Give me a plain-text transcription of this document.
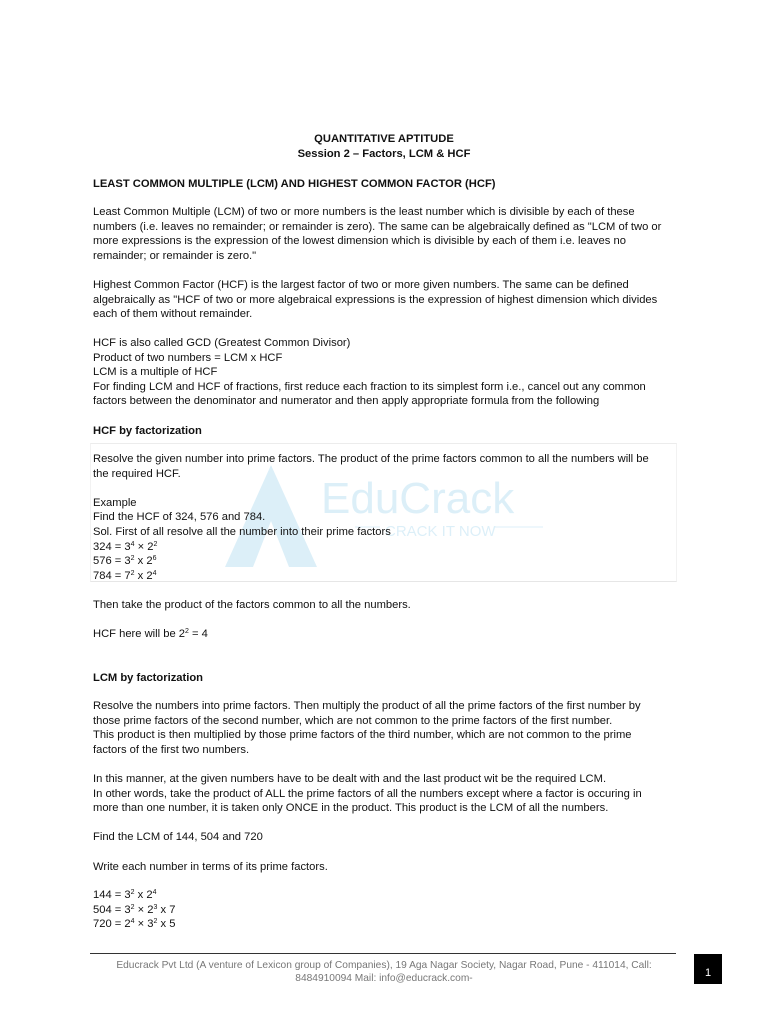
QUANTITATIVE APTITUDE
Session 2 – Factors, LCM & HCF
LEAST COMMON MULTIPLE (LCM) AND HIGHEST COMMON FACTOR (HCF)
Least Common Multiple (LCM) of two or more numbers is the least number which is divisible by each of these
numbers (i.e. leaves no remainder; or remainder is zero). The same can be algebraically defined as "LCM of two or
more expressions is the expression of the lowest dimension which is divisible by each of them i.e. leaves no
remainder; or remainder is zero."
Highest Common Factor (HCF) is the largest factor of two or more given numbers. The same can be defined
algebraically as "HCF of two or more algebraical expressions is the expression of highest dimension which divides
each of them without remainder.
HCF is also called GCD (Greatest Common Divisor)
Product of two numbers = LCM x HCF
LCM is a multiple of HCF
For finding LCM and HCF of fractions, first reduce each fraction to its simplest form i.e., cancel out any common
factors between the denominator and numerator and then apply appropriate formula from the following
HCF by factorization
EduCrack
CRACK IT NOW
Resolve the given number into prime factors. The product of the prime factors common to all the numbers will be
the required HCF.
Example
Find the HCF of 324, 576 and 784.
Sol. First of all resolve all the number into their prime factors
$324 = 3^4 \times 2^2$
$576 = 3^2$ x $2^6$
$784 = 7^2$ x $2^4$
Then take the product of the factors common to all the numbers.
HCF here will be $2^2 = 4$
LCM by factorization
Resolve the numbers into prime factors. Then multiply the product of all the prime factors of the first number by
those prime factors of the second number, which are not common to the prime factors of the first number.
This product is then multiplied by those prime factors of the third number, which are not common to the prime
factors of the first two numbers.
In this manner, at the given numbers have to be dealt with and the last product wit be the required LCM.
In other words, take the product of ALL the prime factors of all the numbers except where a factor is occuring in
more than one number, it is taken only ONCE in the product. This product is the LCM of all the numbers.
Find the LCM of 144, 504 and 720
Write each number in terms of its prime factors.
$144 = 3^2$ x $2^4$
$504 = 3^2 \times 2^3$ x 7
$720 = 2^4 \times 3^2$ x 5
Educrack Pvt Ltd (A venture of Lexicon group of Companies), 19 Aga Nagar Society, Nagar Road, Pune - 411014, Call:
8484910094 Mail: info@educrack.com-	1
